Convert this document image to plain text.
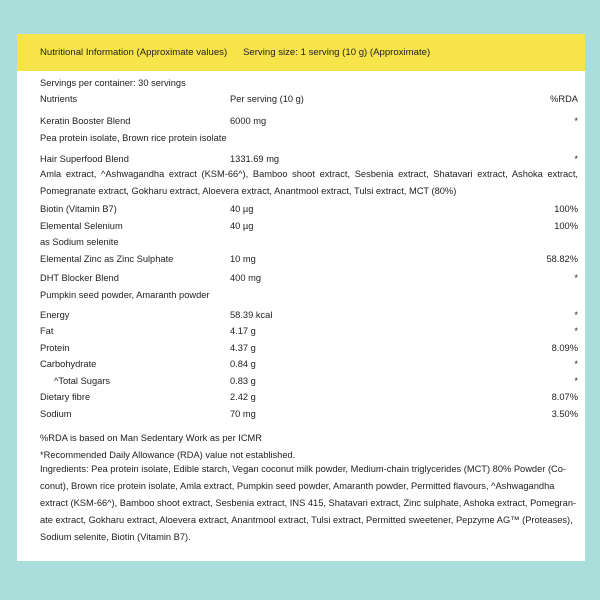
Nutritional Information (Approximate values) Serving size: 1 serving (10 g) (Approximate)
Servings per container: 30 servings
Nutrients	Per serving (10 g)	%RDA
Keratin Booster Blend	6000 mg	*
Pea protein isolate, Brown rice protein isolate
Hair Superfood Blend	1331.69 mg	*
Amla extract, ^Ashwagandha extract (KSM-66^), Bamboo shoot extract, Sesbenia extract, Shatavari extract, Ashoka extract, Pomegranate extract, Gokharu extract, Aloevera extract, Anantmool extract, Tulsi extract, MCT (80%)
Biotin (Vitamin B7)	40 µg	100%
Elemental Selenium	40 µg	100%
as Sodium selenite
Elemental Zinc as Zinc Sulphate	10 mg	58.82%
DHT Blocker Blend	400 mg	*
Pumpkin seed powder, Amaranth powder
Energy	58.39 kcal	*
Fat	4.17 g	*
Protein	4.37 g	8.09%
Carbohydrate	0.84 g	*
^Total Sugars	0.83 g	*
Dietary fibre	2.42 g	8.07%
Sodium	70 mg	3.50%
%RDA is based on Man Sedentary Work as per ICMR
*Recommended Daily Allowance (RDA) value not established.
Ingredients: Pea protein isolate, Edible starch, Vegan coconut milk powder, Medium-chain triglycerides (MCT) 80% Powder (Co-conut), Brown rice protein isolate, Amla extract, Pumpkin seed powder, Amaranth powder, Permitted flavours, ^Ashwagandha extract (KSM-66^), Bamboo shoot extract, Sesbenia extract, INS 415, Shatavari extract, Zinc sulphate, Ashoka extract, Pomegran-ate extract, Gokharu extract, Aloevera extract, Anantmool extract, Tulsi extract, Permitted sweetener, Pepzyme AG™ (Proteases), Sodium selenite, Biotin (Vitamin B7).
